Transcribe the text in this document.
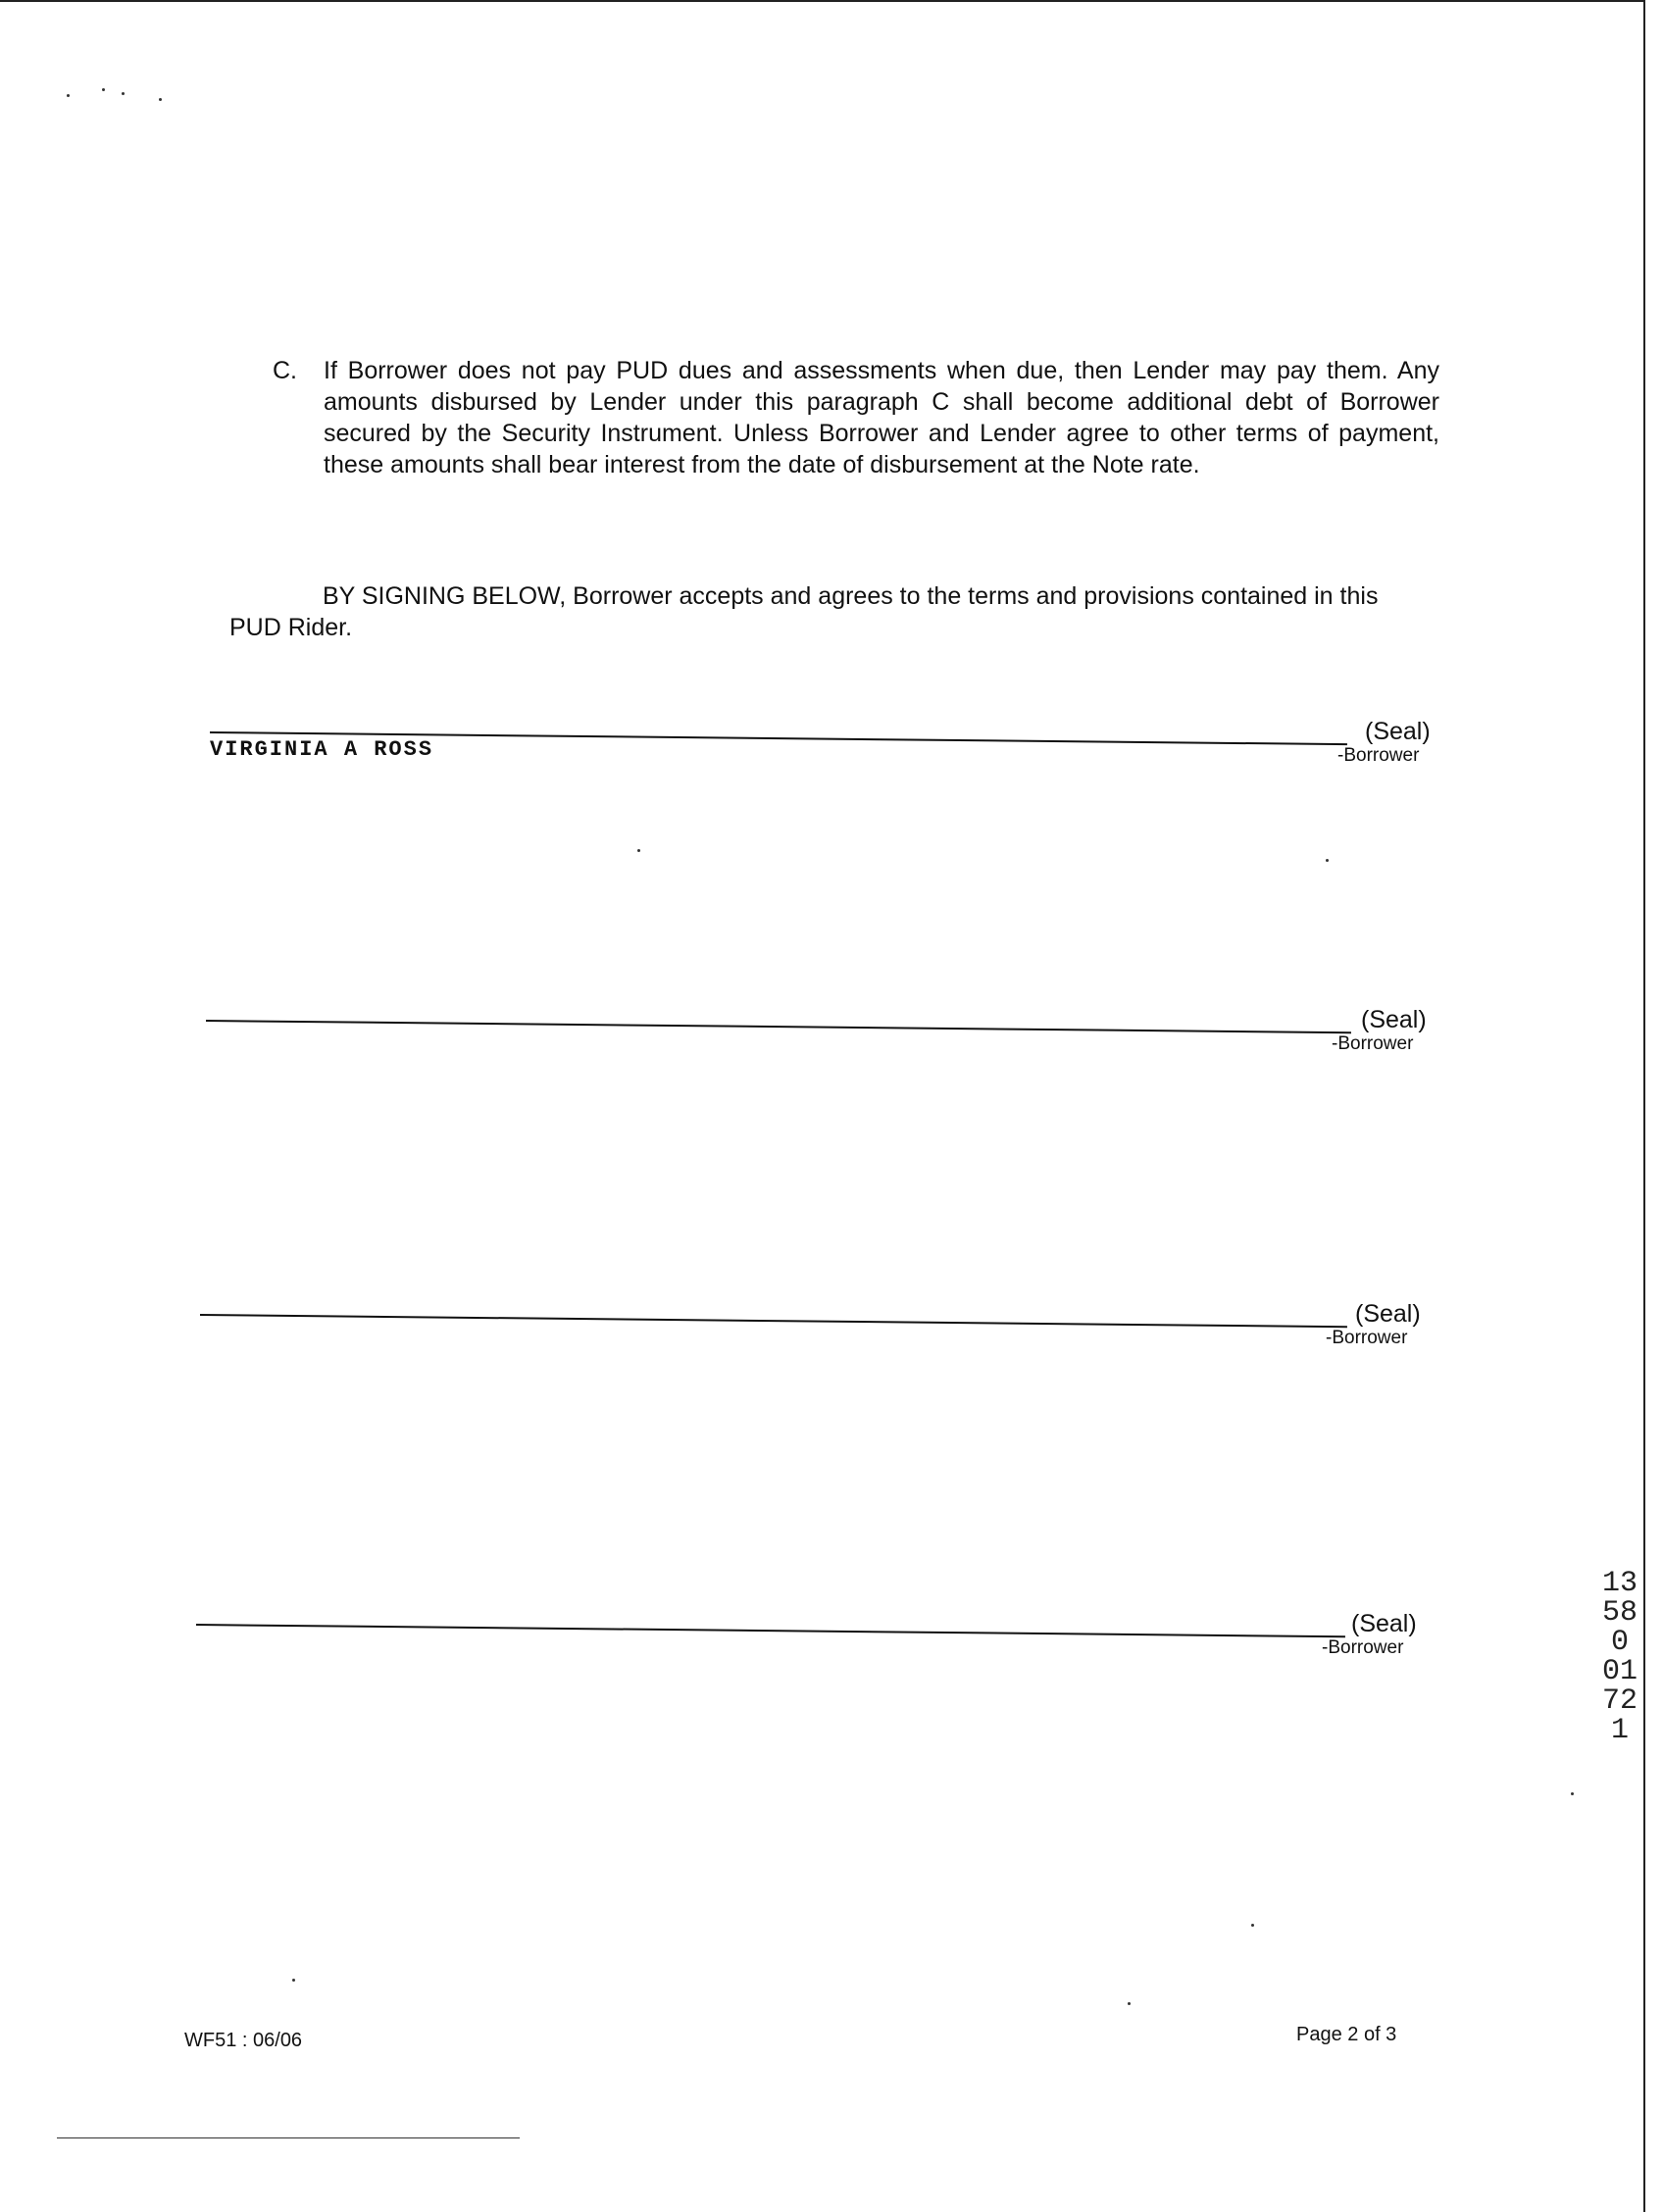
C. If Borrower does not pay PUD dues and assessments when due, then Lender may pay them. Any amounts disbursed by Lender under this paragraph C shall become additional debt of Borrower secured by the Security Instrument. Unless Borrower and Lender agree to other terms of payment, these amounts shall bear interest from the date of disbursement at the Note rate.
BY SIGNING BELOW, Borrower accepts and agrees to the terms and provisions contained in this PUD Rider.
VIRGINIA A ROSS
(Seal)
-Borrower
(Seal)
-Borrower
(Seal)
-Borrower
(Seal)
-Borrower
WF51 : 06/06	Page 2 of 3
13580 01721
